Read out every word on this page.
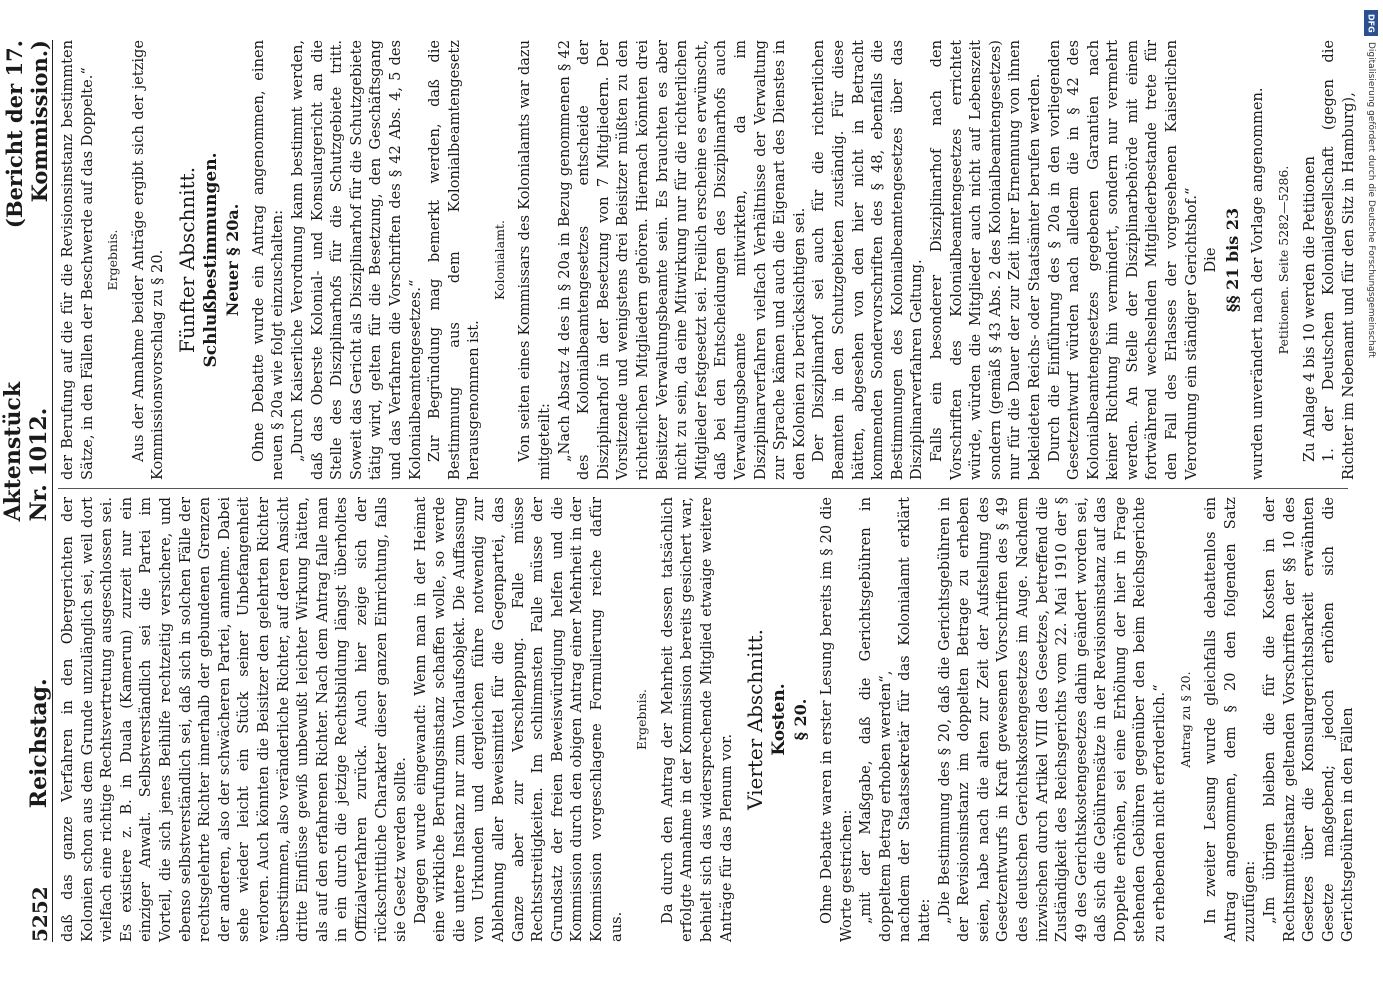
5252
Reichstag.
Aktenstück Nr. 1012.
(Bericht der 17. Kommission.)

daß das ganze Verfahren in den Obergerichten der Kolonien schon aus dem Grunde unzulänglich sei, weil dort vielfach eine richtige Rechtsvertretung ausgeschlossen sei. Es existiere z. B. in Duala (Kamerun) zurzeit nur ein einziger Anwalt. Selbstverständlich sei die Partei im Vorteil, die sich jenes Beihilfe rechtzeitig versichere, und ebenso selbstverständlich sei, daß sich in solchen Fälle der rechtsgelehrte Richter innerhalb der gebundenen Grenzen der anderen, also der schwächeren Partei, annehme. Dabei sehe wieder leicht ein Stück seiner Unbefangenheit verloren. Auch könnten die Beisitzer den gelehrten Richter überstimmen, also veränderliche Richter, auf deren Ansicht dritte Einflüsse gewiß unbewußt leichter Wirkung hätten, als auf den erfahrenen Richter. Nach dem Antrag falle man in ein durch die jetzige Rechtsbildung längst überholtes Offizialverfahren zurück. Auch hier zeige sich der rückschrittliche Charakter dieser ganzen Einrichtung, falls sie Gesetz werden sollte. Dagegen wurde eingewandt: Wenn man in der Heimat eine wirkliche Berufungsinstanz schaffen wolle, so werde die untere Instanz nur zum Vorlaufsobjekt. Die Auffassung von Urkunden und dergleichen führe notwendig zur Ablehnung aller Beweismittel für die Gegenpartei, das Ganze aber zur Verschleppung. Falle müsse Rechtsstreitigkeiten. Im schlimmsten Falle müsse der Grundsatz der freien Beweiswürdigung helfen und die Kommission durch den obigen Antrag einer Mehrheit in der Kommission vorgeschlagene Formulierung reiche dafür aus.

Ergebnis. Da durch den Antrag der Mehrheit dessen tatsächlich erfolgte Annahme in der Kommission bereits gesichert war, behielt sich das widersprechende Mitglied etwaige weitere Anträge für das Plenum vor.

Vierter Abschnitt. Kosten. § 20. Ohne Debatte waren in erster Lesung bereits im § 20 die Worte gestrichen: „mit der Maßgabe, daß die Gerichtsgebühren in doppeltem Betrag erhoben werden“, nachdem der Staatssekretär für das Kolonialamt erklärt hatte: „Die Bestimmung des § 20, daß die Gerichtsgebühren in der Revisionsinstanz im doppelten Betrage zu erheben seien, habe nach die alten zur Zeit der Aufstellung des Gesetzentwurfs in Kraft gewesenen Vorschriften des § 49 des deutschen Gerichtskostengesetzes im Auge. Nachdem inzwischen durch Artikel VIII des Gesetzes, betreffend die Zuständigkeit des Reichsgerichts vom 22. Mai 1910 der § 49 des Gerichtskostengesetzes dahin geändert worden sei, daß sich die Gebührensätze in der Revisionsinstanz auf das Doppelte erhöhen, sei eine Erhöhung der hier in Frage stehenden Gebühren gegenüber den beim Reichsgerichte zu erhebenden nicht erforderlich.“ Antrag zu § 20. In zweiter Lesung wurde gleichfalls debattenlos ein Antrag angenommen, dem § 20 den folgenden Satz zuzufügen: „Im übrigen bleiben die für die Kosten in der Rechtsmittelinstanz geltenden Vorschriften der §§ 10 des Gesetzes über die Konsulargerichtsbarkeit erwähnten Gesetze maßgebend; jedoch erhöhen sich die Gerichtsgebühren in den Fällen

der Berufung auf die für die Revisionsinstanz bestimmten Sätze, in den Fällen der Beschwerde auf das Doppelte.“ Ergebnis. Aus der Annahme beider Anträge ergibt sich der jetzige Kommissionsvorschlag zu § 20. Fünfter Abschnitt. Schlußbestimmungen. Neuer § 20a. Ohne Debatte wurde ein Antrag angenommen, einen neuen § 20a wie folgt einzuschalten: „Durch Kaiserliche Verordnung kann bestimmt werden, daß das Oberste Kolonial- und Konsulargericht an die Stelle des Disziplinarhofs für die Schutzgebiete tritt. Soweit das Gericht als Disziplinarhof für die Schutzgebiete tätig wird, gelten für die Besetzung, den Geschäftsgang und das Verfahren die Vorschriften des § 42 Abs. 4, 5 des Kolonialbeamtengesetzes.“ Zur Begründung mag bemerkt werden, daß die Bestimmung aus dem Kolonialbeamtengesetz herausgenommen ist.

Kolonialamt. Von seiten eines Kommissars des Kolonialamts war dazu mitgeteilt: „Nach Absatz 4 des in § 20a in Bezug genommenen § 42 des Kolonialbeamtengesetzes entscheide der Disziplinarhof in der Besetzung von 7 Mitgliedern. Der Vorsitzende und wenigstens drei Beisitzer müßten zu den richterlichen Mitgliedern gehören. Hiernach könnten drei Beisitzer Verwaltungsbeamte sein. Es brauchten es aber nicht zu sein, da eine Mitwirkung nur für die richterlichen Mitglieder festgesetzt sei. Freilich erscheine es erwünscht, daß bei den Entscheidungen des Disziplinarhofs auch Verwaltungsbeamte mitwirkten, da im Disziplinarverfahren vielfach Verhältnisse der Verwaltung zur Sprache kämen und auch die Eigenart des Dienstes in den Kolonien zu berücksichtigen sei. Der Disziplinarhof sei auch für die richterlichen Beamten in den Schutzgebieten zuständig. Für diese hätten, abgesehen von den hier nicht in Betracht kommenden Sondervorschriften des § 48, ebenfalls die Bestimmungen des Kolonialbeamtengesetzes über das Disziplinarverfahren Geltung. Falls ein besonderer Disziplinarhof nach den Vorschriften des Kolonialbeamtengesetzes errichtet würde, würden die Mitglieder auch nicht auf Lebenszeit sondern (gemäß § 43 Abs. 2 des Kolonialbeamtengesetzes) nur für die Dauer der zur Zeit ihrer Ernennung von ihnen bekleideten Reichs- oder Staatsämter berufen werden. Durch die Einführung des § 20a in den vorliegenden Gesetzentwurf würden nach alledem die in § 42 des Kolonialbeamtengesetzes gegebenen Garantien nach keiner Richtung hin vermindert, sondern nur vermehrt werden. An Stelle der Disziplinarbehörde mit einem fortwährend wechselnden Mitgliederbestande trete für den Fall des Erlasses der vorgesehenen Kaiserlichen Verordnung ein ständiger Gerichtshof.“ Die §§ 21 bis 23 wurden unverändert nach der Vorlage angenommen. Petitionen. Seite 5282—5286. Zu Anlage 4 bis 10 werden die Petitionen 1. der Deutschen Kolonialgesellschaft (gegen die Richter im Nebenamt und für den Sitz in Hamburg),

DFG
Digitalisierung gefördert durch die Deutsche Forschungsgemeinschaft
